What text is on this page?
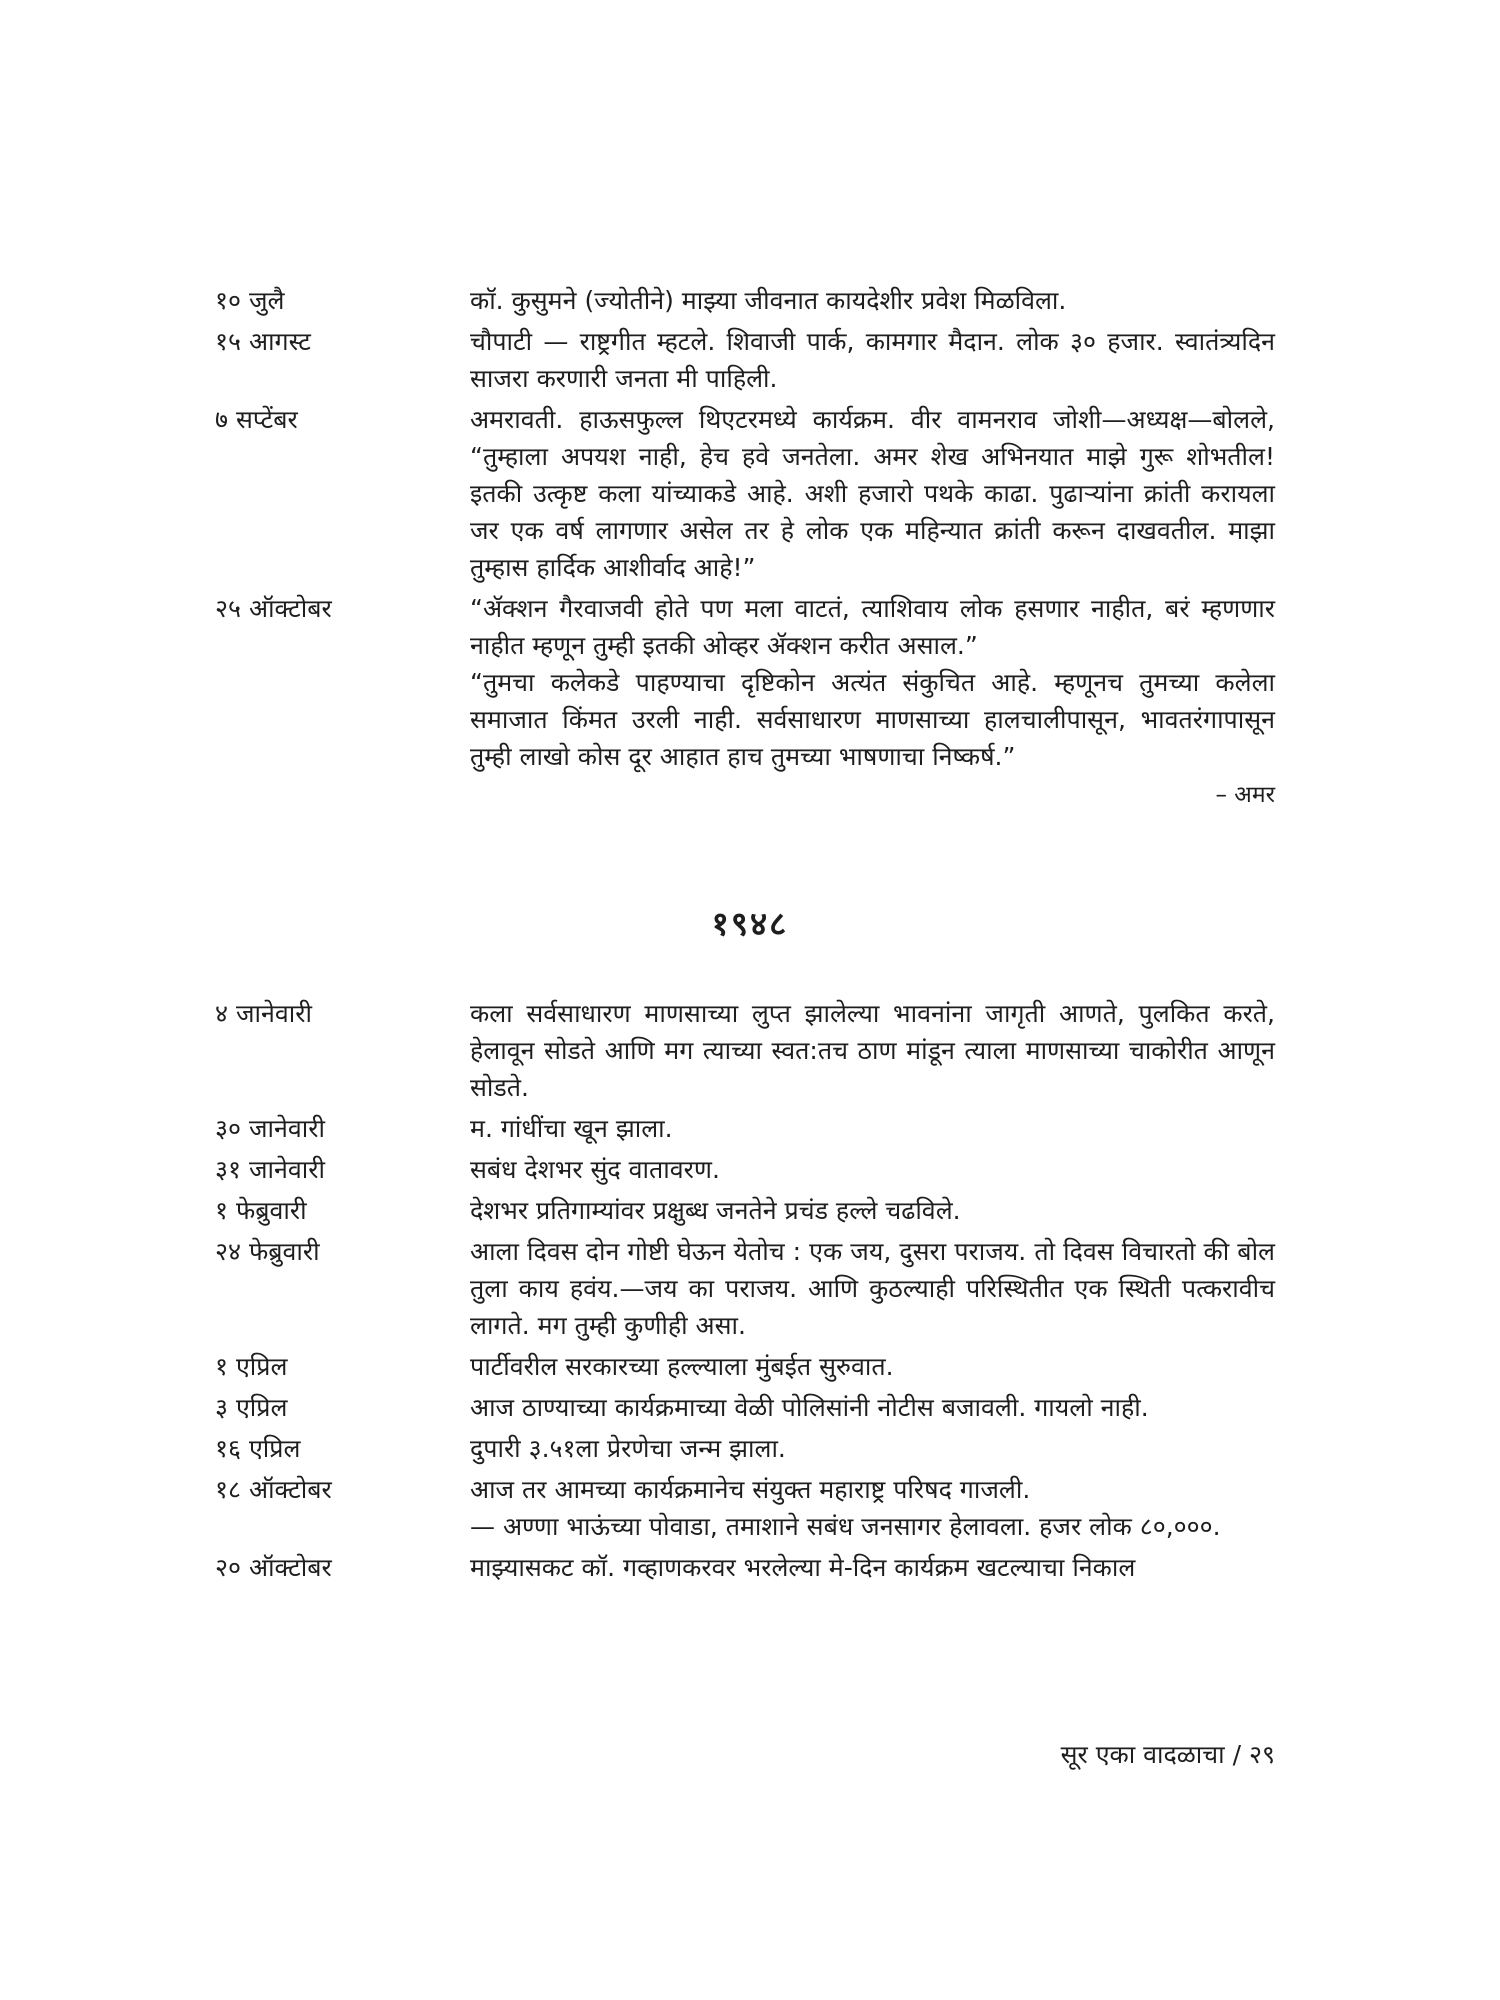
१० जुलै	कॉ. कुसुमने (ज्योतीने) माझ्या जीवनात कायदेशीर प्रवेश मिळविला.

१५ आगस्ट	चौपाटी — राष्ट्रगीत म्हटले. शिवाजी पार्क, कामगार मैदान. लोक ३० हजार. स्वातंत्र्यदिन साजरा करणारी जनता मी पाहिली.

७ सप्टेंबर	अमरावती. हाऊसफुल्ल थिएटरमध्ये कार्यक्रम. वीर वामनराव जोशी—अध्यक्ष—बोलले, “तुम्हाला अपयश नाही, हेच हवे जनतेला. अमर शेख अभिनयात माझे गुरू शोभतील! इतकी उत्कृष्ट कला यांच्याकडे आहे. अशी हजारो पथके काढा. पुढाऱ्यांना क्रांती करायला जर एक वर्ष लागणार असेल तर हे लोक एक महिन्यात क्रांती करून दाखवतील. माझा तुम्हास हार्दिक आशीर्वाद आहे!”

२५ ऑक्टोबर	“ॲक्शन गैरवाजवी होते पण मला वाटतं, त्याशिवाय लोक हसणार नाहीत, बरं म्हणणार नाहीत म्हणून तुम्ही इतकी ओव्हर ॲक्शन करीत असाल.”

“तुमचा कलेकडे पाहण्याचा दृष्टिकोन अत्यंत संकुचित आहे. म्हणूनच तुमच्या कलेला समाजात किंमत उरली नाही. सर्वसाधारण माणसाच्या हालचालीपासून, भावतरंगापासून तुम्ही लाखो कोस दूर आहात हाच तुमच्या भाषणाचा निष्कर्ष.”

– अमर
१९४८
४ जानेवारी	कला सर्वसाधारण माणसाच्या लुप्त झालेल्या भावनांना जागृती आणते, पुलकित करते, हेलावून सोडते आणि मग त्याच्या स्वत:तच ठाण मांडून त्याला माणसाच्या चाकोरीत आणून सोडते.

३० जानेवारी	म. गांधींचा खून झाला.

३१ जानेवारी	सबंध देशभर सुंद वातावरण.

१ फेब्रुवारी	देशभर प्रतिगाम्यांवर प्रक्षुब्ध जनतेने प्रचंड हल्ले चढविले.

२४ फेब्रुवारी	आला दिवस दोन गोष्टी घेऊन येतोच : एक जय, दुसरा पराजय. तो दिवस विचारतो की बोल तुला काय हवंय.—जय का पराजय. आणि कुठल्याही परिस्थितीत एक स्थिती पत्करावीच लागते. मग तुम्ही कुणीही असा.

१ एप्रिल	पार्टीवरील सरकारच्या हल्ल्याला मुंबईत सुरुवात.

३ एप्रिल	आज ठाण्याच्या कार्यक्रमाच्या वेळी पोलिसांनी नोटीस बजावली. गायलो नाही.

१६ एप्रिल	दुपारी ३.५१ला प्रेरणेचा जन्म झाला.

१८ ऑक्टोबर	आज तर आमच्या कार्यक्रमानेच संयुक्त महाराष्ट्र परिषद गाजली.

— अण्णा भाऊंच्या पोवाडा, तमाशाने सबंध जनसागर हेलावला. हजर लोक ८०,०००.

२० ऑक्टोबर	माझ्यासकट कॉ. गव्हाणकरवर भरलेल्या मे-दिन कार्यक्रम खटल्याचा निकाल

सूर एका वादळाचा / २९
